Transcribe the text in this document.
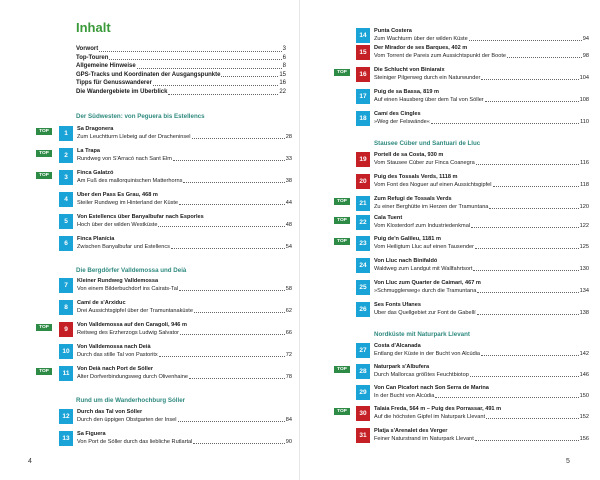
Inhalt
Vorwort	3
Top-Touren	6
Allgemeine Hinweise	8
GPS-Tracks und Koordinaten der Ausgangspunkte	15
Tipps für Genusswanderer	16
Die Wandergebiete im Überblick	22
Der Südwesten: von Peguera bis Estellencs
TOP	1
Sa Dragonera
Zum Leuchtturm Llebeig auf der Dracheninsel	28
TOP	2
La Trapa
Rundweg von S'Arracó nach Sant Elm	33
TOP	3
Finca Galatzó
Am Fuß des mallorquinischen Matterhorns	38
4
Über den Pass Es Grau, 468 m
Steiler Rundweg im Hinterland der Küste	44
5
Von Estellencs über Banyalbufar nach Esporles
Hoch über der wilden Westküste	48
6
Finca Planícia
Zwischen Banyalbufar und Estellencs	54
Die Bergdörfer Valldemossa und Deià
7
Kleiner Rundweg Valldemossa
Von einem Bilderbuchdorf ins Cairats-Tal	58
8
Camí de s'Arxiduc
Drei Aussichtsgipfel über der Tramuntanaküste	62
TOP	9
Von Valldemossa auf den Caragolí, 946 m
Reitweg des Erzherzogs Ludwig Salvator	66
10
Von Valldemossa nach Deià
Durch das stille Tal von Pastoritx	72
TOP	11
Von Deià nach Port de Sóller
Alter Dorfverbindungsweg durch Olivenhaine	78
Rund um die Wanderhochburg Sóller
12
Durch das Tal von Sóller
Durch den üppigen Obstgarten der Insel	84
13
Sa Figuera
Von Port de Sóller durch das liebliche Rutlartal	90
4
14
Punta Costera
Zum Wachturm über der wilden Küste	94
15
Der Mirador de ses Barques, 402 m
Vom Torrent de Pareis zum Aussichtspunkt der Boote	98
TOP	16
Die Schlucht von Biniaraix
Steiniger Pilgerweg durch ein Naturwunder	104
17
Puig de sa Bassa, 819 m
Auf einen Hausberg über dem Tal von Sóller	108
18
Camí des Cingles
»Weg der Felswände«	110
Stausee Cúber und Santuari de Lluc
19
Portell de sa Costa, 930 m
Vom Stausee Cúber zur Finca Coanegra	116
20
Puig des Tossals Verds, 1118 m
Vom Font des Noguer auf einen Aussichtsgipfel	118
TOP	21
Zum Refugi de Tossals Verds
Zu einer Berghütte im Herzen der Tramuntana	120
TOP	22
Cala Tuent
Vom Klosterdorf zum Industriedenkmal	122
TOP	23
Puig de'n Galileu, 1181 m
Vom Heiligtum Lluc auf einen Tausender	125
24
Von Lluc nach Binifaldó
Waldweg zum Landgut mit Wallfahrtsort	130
25
Von Lluc zum Quarter de Caimari, 467 m
»Schmugglerweg« durch die Tramuntana	134
26
Ses Fonts Ufanes
Über das Quellgebiet zur Font de Gabellí	138
Nordküste mit Naturpark Llevant
27
Costa d'Alcanada
Entlang der Küste in der Bucht von Alcúdia	142
TOP	28
Naturpark s'Albufera
Durch Mallorcas größtes Feuchtbiotop	146
29
Von Can Picafort nach Son Serra de Marina
In der Bucht von Alcúdia	150
TOP	30
Talaia Freda, 564 m – Puig des Porrassar, 491 m
Auf die höchsten Gipfel im Naturpark Llevant	152
31
Platja s'Arenalet des Verger
Feiner Naturstrand im Naturpark Llevant	156
5
